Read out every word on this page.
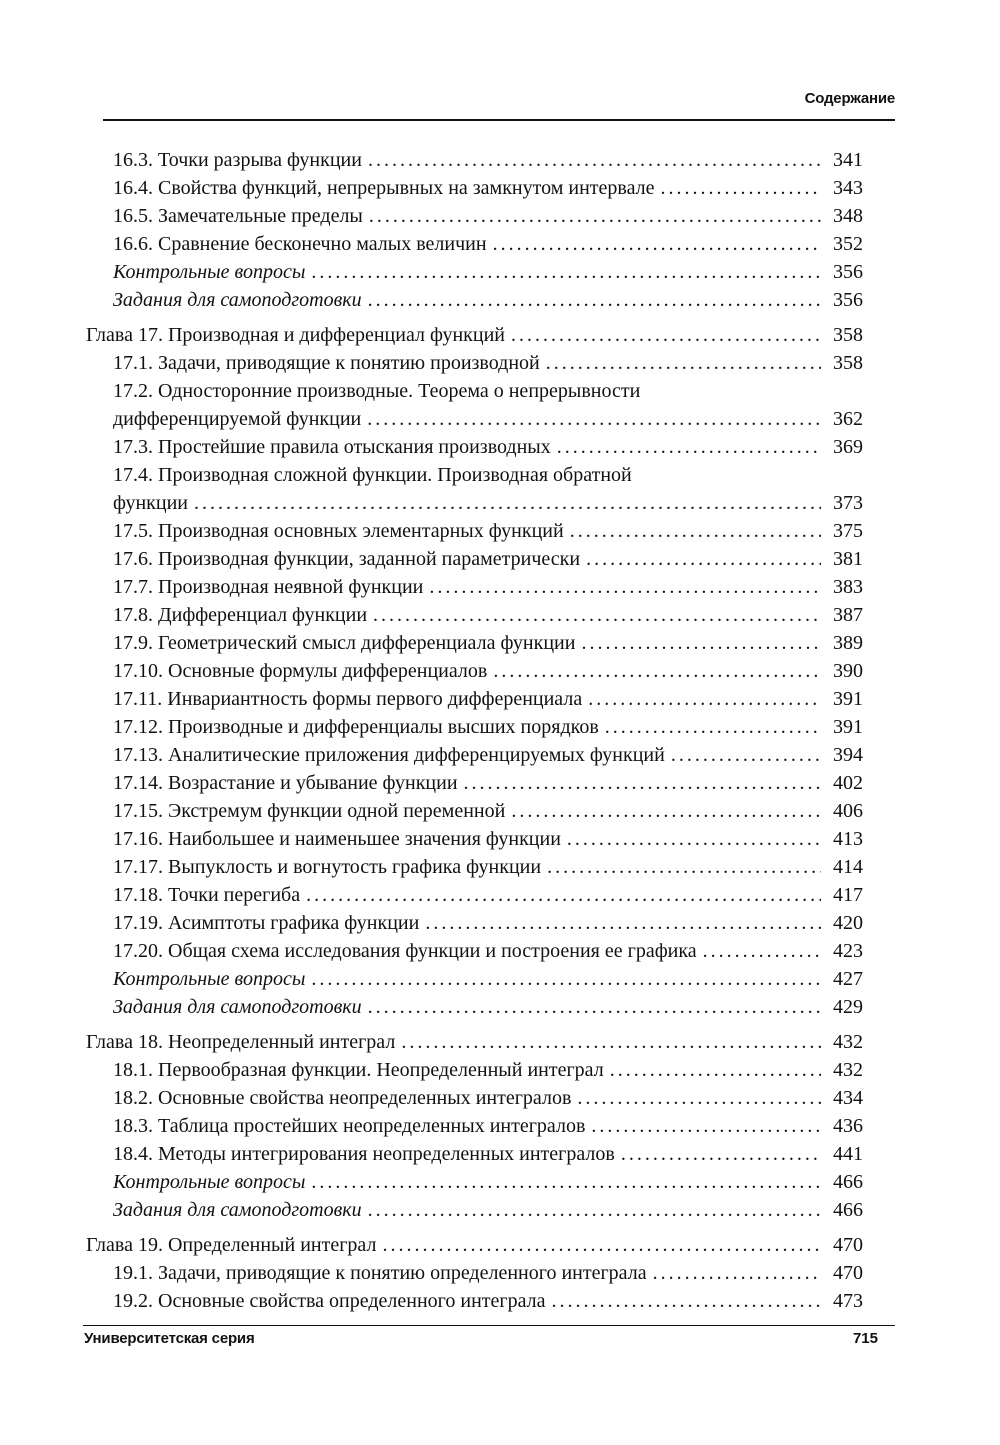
Содержание
16.3. Точки разрыва функции . . .	341
16.4. Свойства функций, непрерывных на замкнутом интервале . . .	343
16.5. Замечательные пределы . . .	348
16.6. Сравнение бесконечно малых величин . . .	352
Контрольные вопросы . . .	356
Задания для самоподготовки . . .	356
Глава 17. Производная и дифференциал функций . . .	358
17.1. Задачи, приводящие к понятию производной . . .	358
17.2. Односторонние производные. Теорема о непрерывности
дифференцируемой функции . . .	362
17.3. Простейшие правила отыскания производных . . .	369
17.4. Производная сложной функции. Производная обратной
функции . . .	373
17.5. Производная основных элементарных функций . . .	375
17.6. Производная функции, заданной параметрически . . .	381
17.7. Производная неявной функции . . .	383
17.8. Дифференциал функции . . .	387
17.9. Геометрический смысл дифференциала функции . . .	389
17.10. Основные формулы дифференциалов . . .	390
17.11. Инвариантность формы первого дифференциала . . .	391
17.12. Производные и дифференциалы высших порядков . . .	391
17.13. Аналитические приложения дифференцируемых функций . . .	394
17.14. Возрастание и убывание функции . . .	402
17.15. Экстремум функции одной переменной . . .	406
17.16. Наибольшее и наименьшее значения функции . . .	413
17.17. Выпуклость и вогнутость графика функции . . .	414
17.18. Точки перегиба . . .	417
17.19. Асимптоты графика функции . . .	420
17.20. Общая схема исследования функции и построения ее графика . . .	423
Контрольные вопросы . . .	427
Задания для самоподготовки . . .	429
Глава 18. Неопределенный интеграл . . .	432
18.1. Первообразная функции. Неопределенный интеграл . . .	432
18.2. Основные свойства неопределенных интегралов . . .	434
18.3. Таблица простейших неопределенных интегралов . . .	436
18.4. Методы интегрирования неопределенных интегралов . . .	441
Контрольные вопросы . . .	466
Задания для самоподготовки . . .	466
Глава 19. Определенный интеграл . . .	470
19.1. Задачи, приводящие к понятию определенного интеграла . . .	470
19.2. Основные свойства определенного интеграла . . .	473
Университетская серия	715
